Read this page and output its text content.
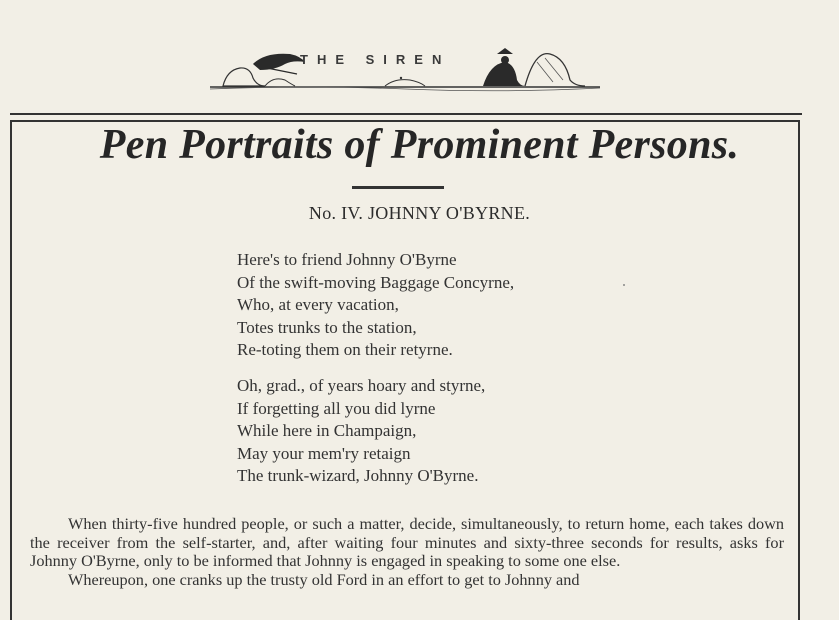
THE SIREN
Pen Portraits of Prominent Persons.
No. IV. JOHNNY O'BYRNE.
Here's to friend Johnny O'Byrne
Of the swift-moving Baggage Concyrne,
Who, at every vacation,
Totes trunks to the station,
Re-toting them on their retyrne.
Oh, grad., of years hoary and styrne,
If forgetting all you did lyrne
While here in Champaign,
May your mem'ry retaign
The trunk-wizard, Johnny O'Byrne.

When thirty-five hundred people, or such a matter, decide, simultaneously, to return home, each takes down the receiver from the self-starter, and, after waiting four minutes and sixty-three seconds for results, asks for Johnny O'Byrne, only to be informed that Johnny is engaged in speaking to some one else.

Whereupon, one cranks up the trusty old Ford in an effort to get to Johnny and
